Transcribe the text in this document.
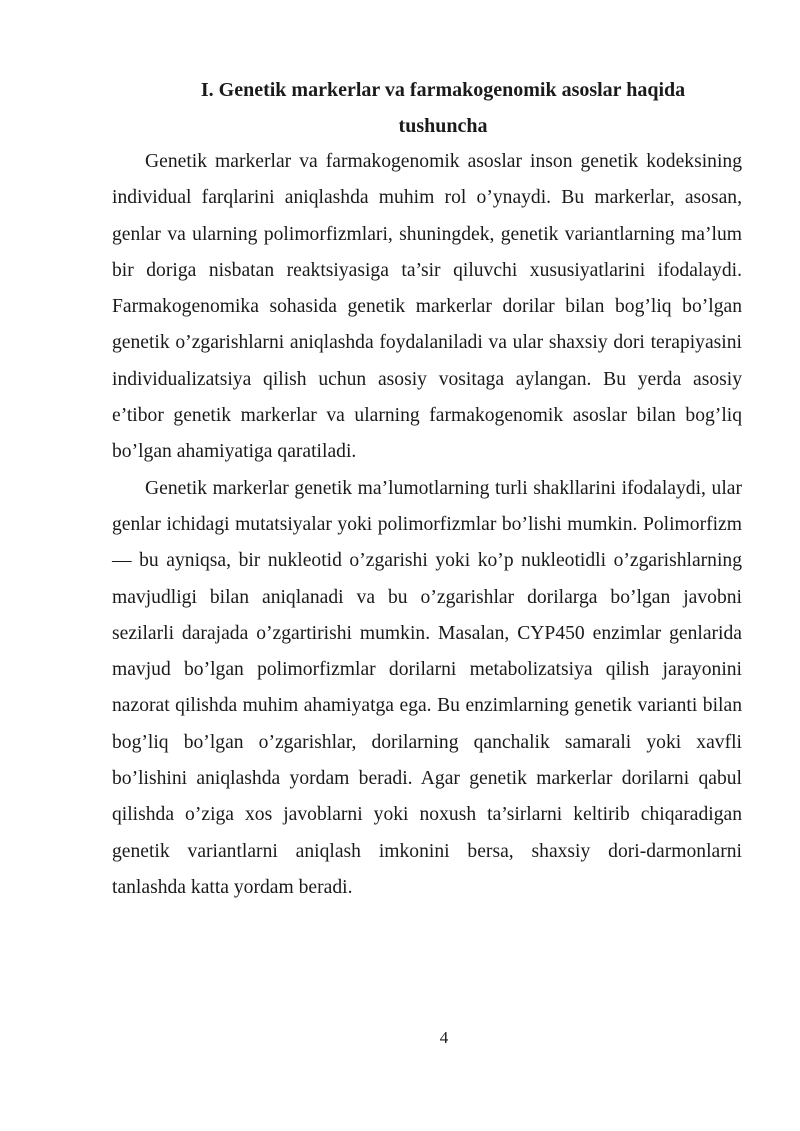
I. Genetik markerlar va farmakogenomik asoslar haqida
tushuncha

Genetik markerlar va farmakogenomik asoslar inson genetik kodeksining individual farqlarini aniqlashda muhim rol o’ynaydi. Bu markerlar, asosan, genlar va ularning polimorfizmlari, shuningdek, genetik variantlarning ma’lum bir doriga nisbatan reaktsiyasiga ta’sir qiluvchi xususiyatlarini ifodalaydi. Farmakogenomika sohasida genetik markerlar dorilar bilan bog’liq bo’lgan genetik o’zgarishlarni aniqlashda foydalaniladi va ular shaxsiy dori terapiyasini individualizatsiya qilish uchun asosiy vositaga aylangan. Bu yerda asosiy e’tibor genetik markerlar va ularning farmakogenomik asoslar bilan bog’liq bo’lgan ahamiyatiga qaratiladi.

Genetik markerlar genetik ma’lumotlarning turli shakllarini ifodalaydi, ular genlar ichidagi mutatsiyalar yoki polimorfizmlar bo’lishi mumkin. Polimorfizm — bu ayniqsa, bir nukleotid o’zgarishi yoki ko’p nukleotidli o’zgarishlarning mavjudligi bilan aniqlanadi va bu o’zgarishlar dorilarga bo’lgan javobni sezilarli darajada o’zgartirishi mumkin. Masalan, CYP450 enzimlar genlarida mavjud bo’lgan polimorfizmlar dorilarni metabolizatsiya qilish jarayonini nazorat qilishda muhim ahamiyatga ega. Bu enzimlarning genetik varianti bilan bog’liq bo’lgan o’zgarishlar, dorilarning qanchalik samarali yoki xavfli bo’lishini aniqlashda yordam beradi. Agar genetik markerlar dorilarni qabul qilishda o’ziga xos javoblarni yoki noxush ta’sirlarni keltirib chiqaradigan genetik variantlarni aniqlash imkonini bersa, shaxsiy dori-darmonlarni tanlashda katta yordam beradi.

4
